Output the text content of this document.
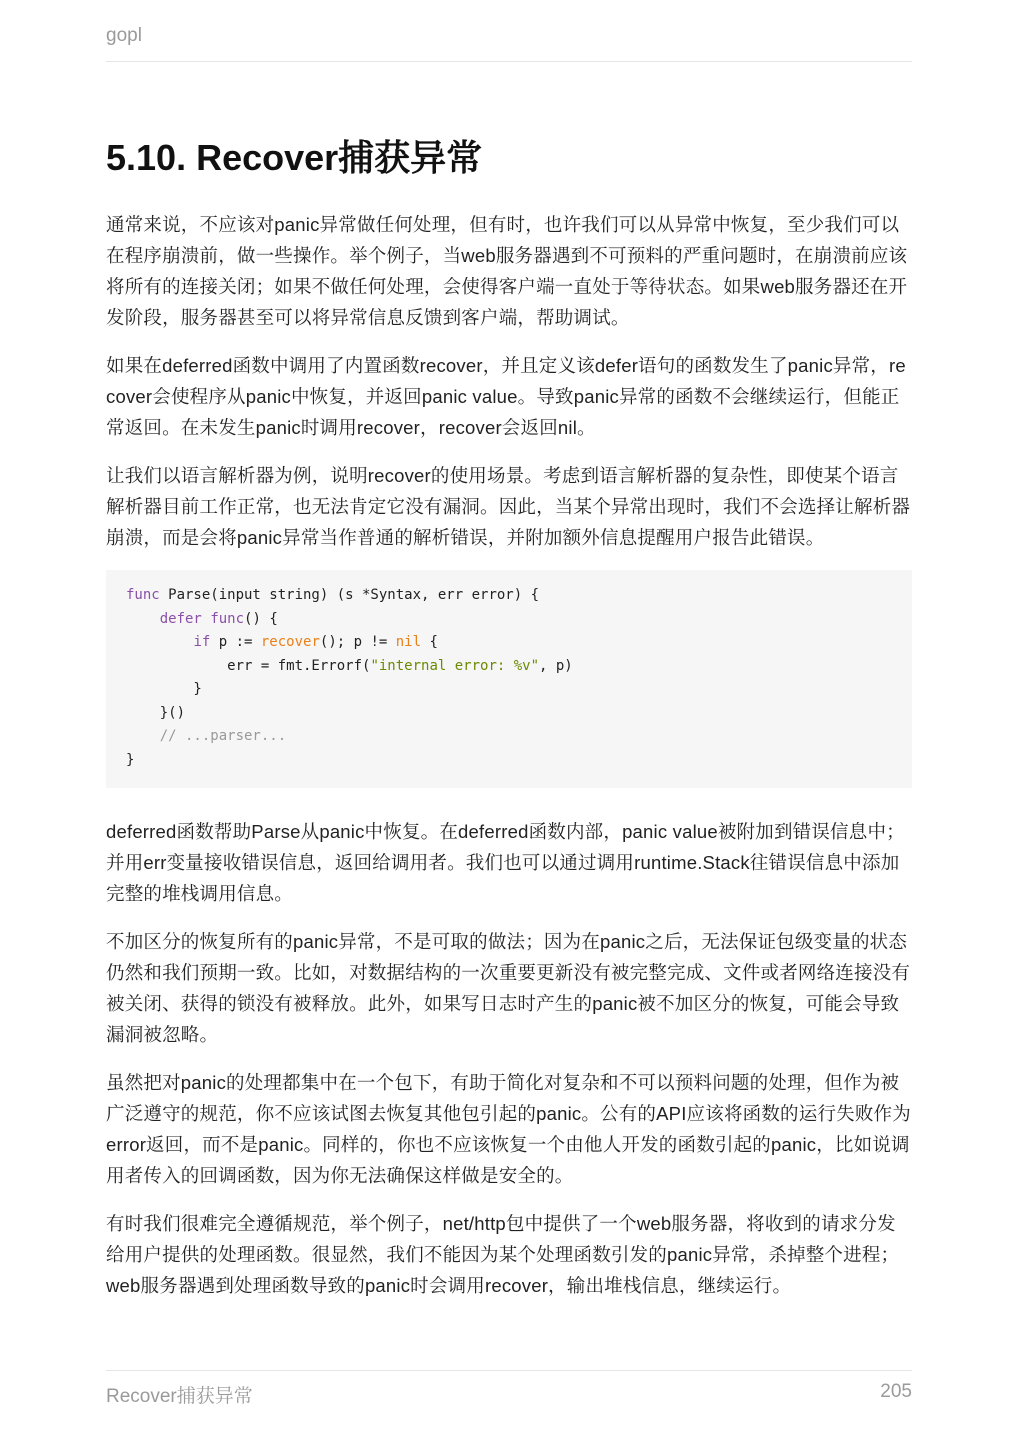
gopl
5.10. Recover捕获异常

通常来说，不应该对panic异常做任何处理，但有时，也许我们可以从异常中恢复，至少我们可以在程序崩溃前，做一些操作。举个例子，当web服务器遇到不可预料的严重问题时，在崩溃前应该将所有的连接关闭；如果不做任何处理，会使得客户端一直处于等待状态。如果web服务器还在开发阶段，服务器甚至可以将异常信息反馈到客户端，帮助调试。

如果在deferred函数中调用了内置函数recover，并且定义该defer语句的函数发生了panic异常，recover会使程序从panic中恢复，并返回panic value。导致panic异常的函数不会继续运行，但能正常返回。在未发生panic时调用recover，recover会返回nil。

让我们以语言解析器为例，说明recover的使用场景。考虑到语言解析器的复杂性，即使某个语言解析器目前工作正常，也无法肯定它没有漏洞。因此，当某个异常出现时，我们不会选择让解析器崩溃，而是会将panic异常当作普通的解析错误，并附加额外信息提醒用户报告此错误。

func Parse(input string) (s *Syntax, err error) {
defer func() {
if p := recover(); p != nil {
err = fmt.Errorf("internal error: %v", p)
}
}()
// ...parser...
}

deferred函数帮助Parse从panic中恢复。在deferred函数内部，panic value被附加到错误信息中；并用err变量接收错误信息，返回给调用者。我们也可以通过调用runtime.Stack往错误信息中添加完整的堆栈调用信息。

不加区分的恢复所有的panic异常，不是可取的做法；因为在panic之后，无法保证包级变量的状态仍然和我们预期一致。比如，对数据结构的一次重要更新没有被完整完成、文件或者网络连接没有被关闭、获得的锁没有被释放。此外，如果写日志时产生的panic被不加区分的恢复，可能会导致漏洞被忽略。

虽然把对panic的处理都集中在一个包下，有助于简化对复杂和不可以预料问题的处理，但作为被广泛遵守的规范，你不应该试图去恢复其他包引起的panic。公有的API应该将函数的运行失败作为error返回，而不是panic。同样的，你也不应该恢复一个由他人开发的函数引起的panic，比如说调用者传入的回调函数，因为你无法确保这样做是安全的。

有时我们很难完全遵循规范，举个例子，net/http包中提供了一个web服务器，将收到的请求分发给用户提供的处理函数。很显然，我们不能因为某个处理函数引发的panic异常，杀掉整个进程；web服务器遇到处理函数导致的panic时会调用recover，输出堆栈信息，继续运行。

Recover捕获异常	205
